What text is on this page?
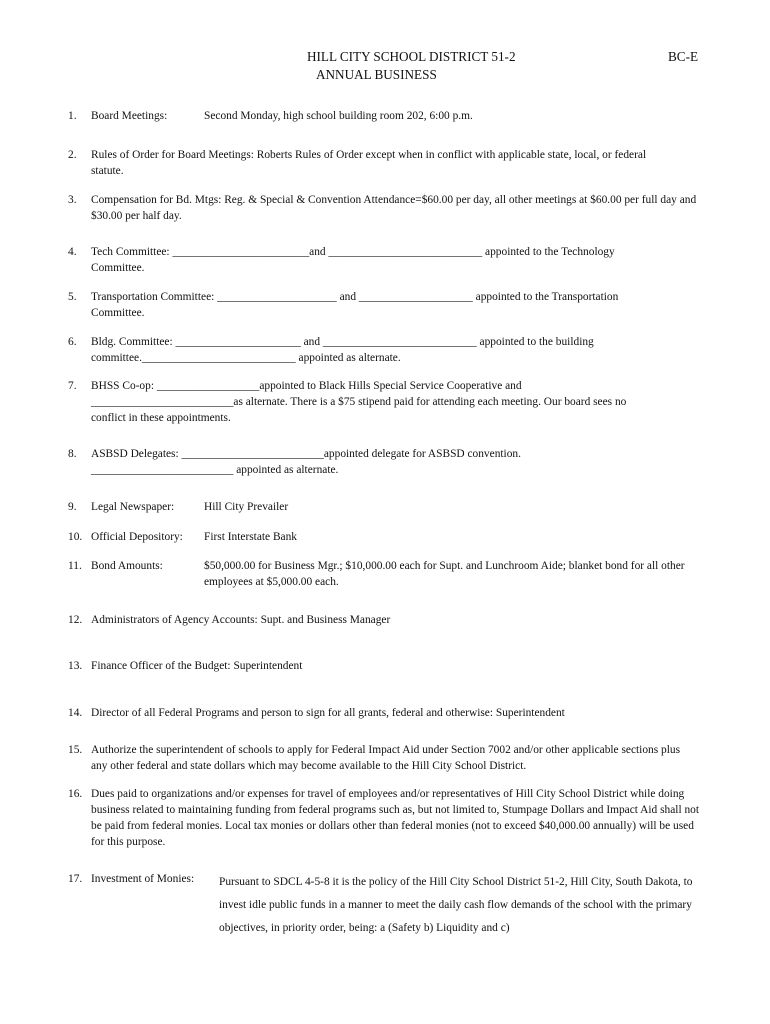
HILL CITY SCHOOL DISTRICT 51-2
ANNUAL BUSINESS
BC-E
1.	Board Meetings:	Second Monday, high school building room 202, 6:00 p.m.
2.	Rules of Order for Board Meetings: Roberts Rules of Order except when in conflict with applicable state, local, or federal statute.
3.	Compensation for Bd. Mtgs: Reg. & Special & Convention Attendance=$60.00 per day, all other meetings at $60.00 per full day and $30.00 per half day.
4.	Tech Committee: ________________________and ___________________________ appointed to the Technology
Committee.
5.	Transportation Committee: _____________________ and ____________________ appointed to the Transportation
Committee.
6.	Bldg. Committee: ______________________ and ___________________________ appointed to the building
committee.___________________________ appointed as alternate.
7.	BHSS Co-op: __________________appointed to Black Hills Special Service Cooperative and
_________________________as alternate. There is a $75 stipend paid for attending each meeting. Our board sees no
conflict in these appointments.
8.	ASBSD Delegates: _________________________appointed delegate for ASBSD convention.
_________________________ appointed as alternate.
9.	Legal Newspaper:	Hill City Prevailer
10. Official Depository: First Interstate Bank
11. Bond Amounts:	$50,000.00 for Business Mgr.; $10,000.00 each for Supt. and Lunchroom Aide; blanket bond for all other employees at $5,000.00 each.
12. Administrators of Agency Accounts: Supt. and Business Manager
13. Finance Officer of the Budget: Superintendent
14. Director of all Federal Programs and person to sign for all grants, federal and otherwise: Superintendent
15. Authorize the superintendent of schools to apply for Federal Impact Aid under Section 7002 and/or other applicable sections plus any other federal and state dollars which may become available to the Hill City School District.
16. Dues paid to organizations and/or expenses for travel of employees and/or representatives of Hill City School District while doing business related to maintaining funding from federal programs such as, but not limited to, Stumpage Dollars and Impact Aid shall not be paid from federal monies. Local tax monies or dollars other than federal monies (not to exceed $40,000.00 annually) will be used for this purpose.
17. Investment of Monies:	Pursuant to SDCL 4-5-8 it is the policy of the Hill City School District 51-2, Hill City, South Dakota, to invest idle public funds in a manner to meet the daily cash flow demands of the school with the primary objectives, in priority order, being: a (Safety b) Liquidity and c)
